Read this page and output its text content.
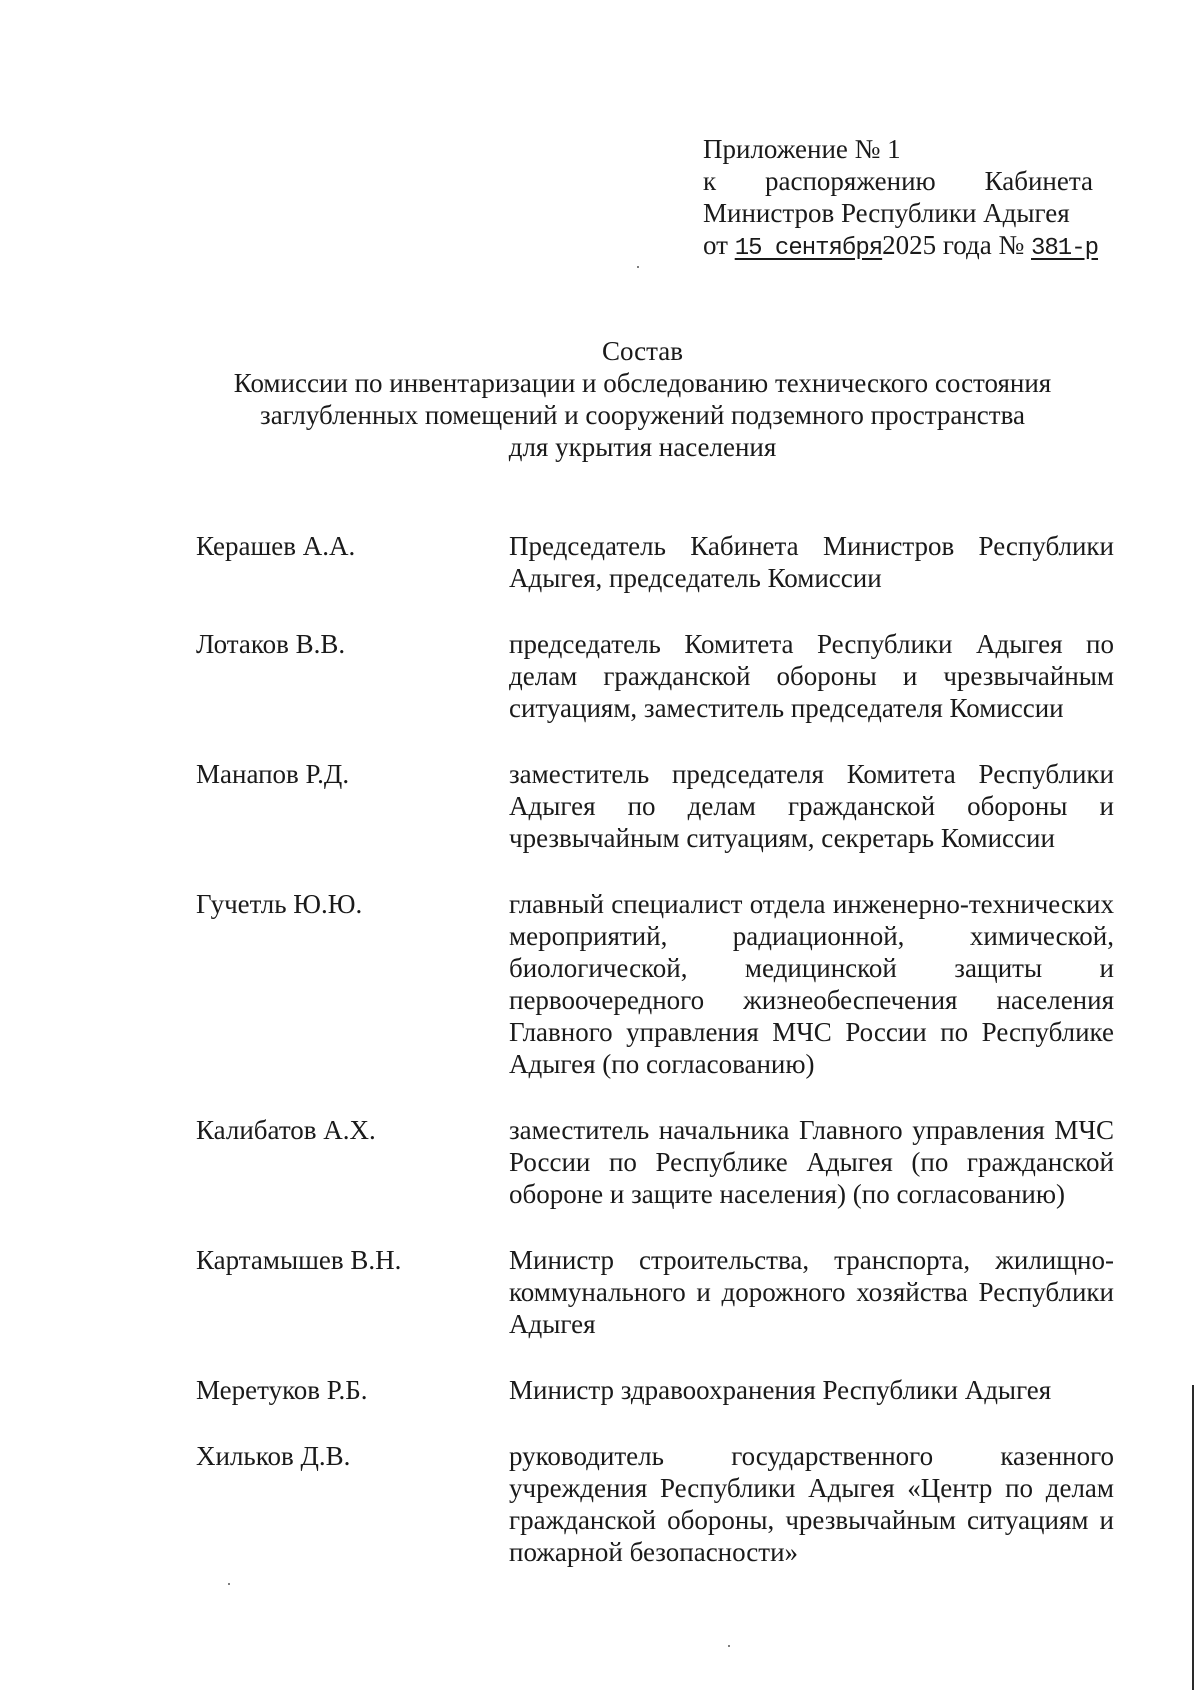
Приложение № 1
к распоряжению Кабинета
Министров Республики Адыгея
от 15 сентября2025 года № 381-р
Состав
Комиссии по инвентаризации и обследованию технического состояния
заглубленных помещений и сооружений подземного пространства
для укрытия населения
Керашев А.А.	Председатель Кабинета Министров Республики Адыгея, председатель Комиссии
Лотаков В.В.	председатель Комитета Республики Адыгея по делам гражданской обороны и чрезвычайным ситуациям, заместитель председателя Комиссии
Манапов Р.Д.	заместитель председателя Комитета Республики Адыгея по делам гражданской обороны и чрезвычайным ситуациям, секретарь Комиссии
Гучетль Ю.Ю.	главный специалист отдела инженерно-технических мероприятий, радиационной, химической, биологической, медицинской защиты и первоочередного жизнеобеспечения населения Главного управления МЧС России по Республике Адыгея (по согласованию)
Калибатов А.Х.	заместитель начальника Главного управления МЧС России по Республике Адыгея (по гражданской обороне и защите населения) (по согласованию)
Картамышев В.Н.	Министр строительства, транспорта, жилищно-коммунального и дорожного хозяйства Республики Адыгея
Меретуков Р.Б.	Министр здравоохранения Республики Адыгея
Хильков Д.В.	руководитель государственного казенного учреждения Республики Адыгея «Центр по делам гражданской обороны, чрезвычайным ситуациям и пожарной безопасности»
